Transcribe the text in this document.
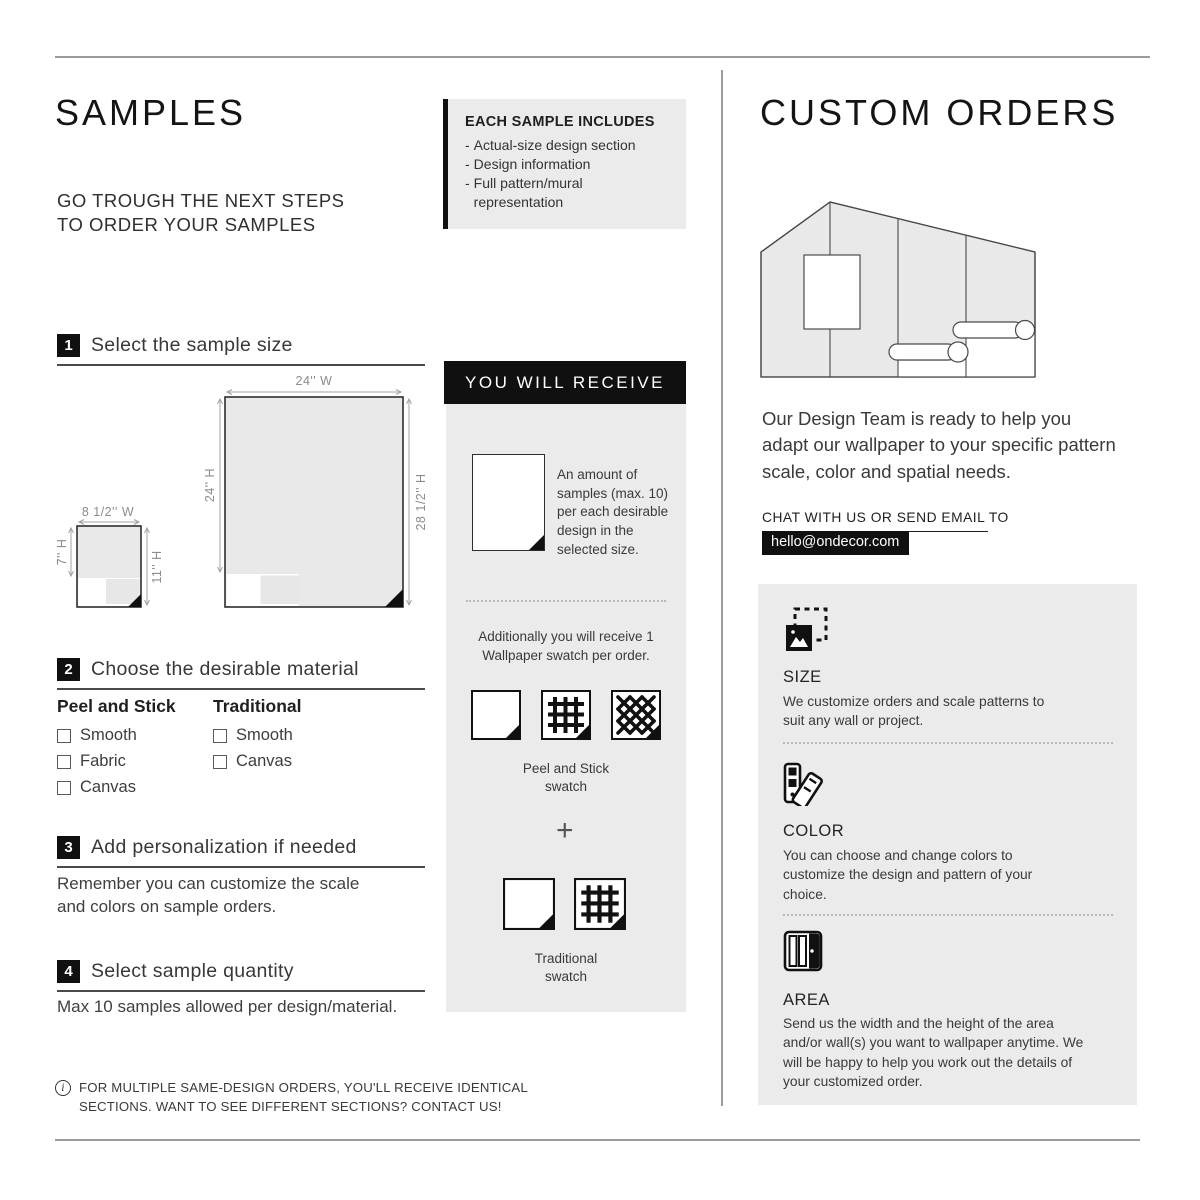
SAMPLES
GO TROUGH THE NEXT STEPS
TO ORDER YOUR SAMPLES
1 Select the sample size
24'' W
24'' H	28 1/2'' H
8 1/2'' W
7'' H	11'' H
2 Choose the desirable material
Peel and Stick
Smooth
Fabric
Canvas
Traditional
Smooth
Canvas
3 Add personalization if needed
Remember you can customize the scale and colors on sample orders.
4 Select sample quantity
Max 10 samples allowed per design/material.
i	FOR MULTIPLE SAME-DESIGN ORDERS, YOU'LL RECEIVE IDENTICAL
SECTIONS. WANT TO SEE DIFFERENT SECTIONS? CONTACT US!
EACH SAMPLE INCLUDES
- Actual-size design section
- Design information
- Full pattern/mural representation
YOU WILL RECEIVE
An amount of samples (max. 10) per each desirable design in the selected size.
Additionally you will receive 1 Wallpaper swatch per order.
Peel and Stick
swatch
+
Traditional
swatch
CUSTOM ORDERS
Our Design Team is ready to help you adapt our wallpaper to your specific pattern scale, color and spatial needs.
CHAT WITH US OR SEND EMAIL TO
hello@ondecor.com
SIZE
We customize orders and scale patterns to suit any wall or project.
COLOR
You can choose and change colors to customize the design and pattern of your choice.
AREA
Send us the width and the height of the area and/or wall(s) you want to wallpaper anytime. We will be happy to help you work out the details of your customized order.
